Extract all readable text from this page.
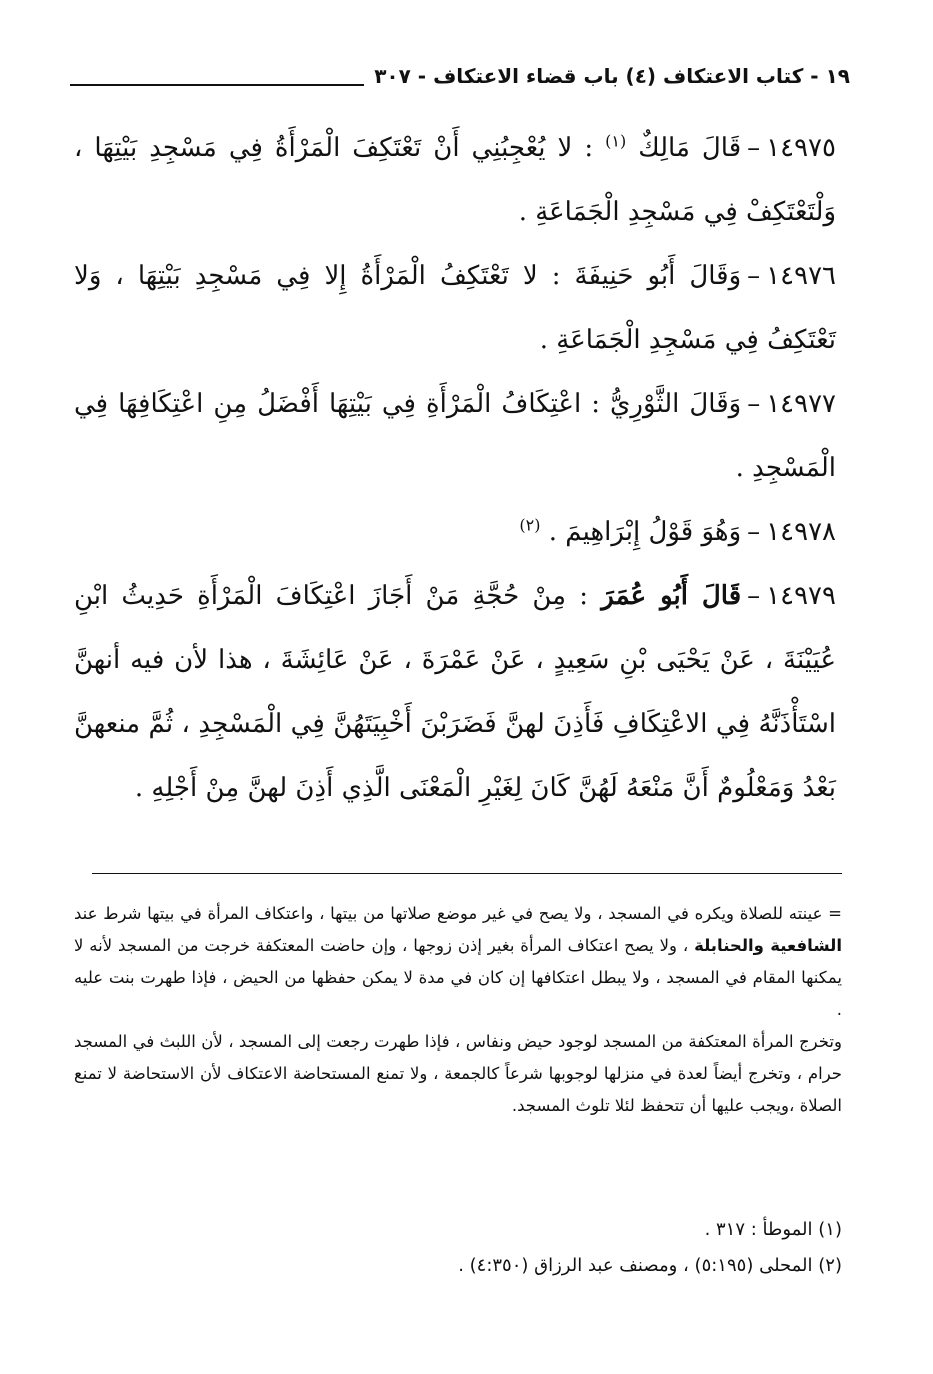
١٩ - كتاب الاعتكاف (٤) باب قضاء الاعتكاف - ٣٠٧

١٤٩٧٥–قَالَ مَالِكٌ $^{(١)}$ : لا يُعْجِبُنِي أَنْ تَعْتَكِفَ الْمَرْأَةُ فِي مَسْجِدِ بَيْتِهَا ، وَلْتَعْتَكِفْ فِي مَسْجِدِ الْجَمَاعَةِ .

١٤٩٧٦–وَقَالَ أَبُو حَنِيفَةَ : لا تَعْتَكِفُ الْمَرْأَةُ إِلا فِي مَسْجِدِ بَيْتِهَا ، وَلا تَعْتَكِفُ فِي مَسْجِدِ الْجَمَاعَةِ .

١٤٩٧٧–وَقَالَ الثَّوْرِيُّ : اعْتِكَافُ الْمَرْأَةِ فِي بَيْتِهَا أَفْضَلُ مِنِ اعْتِكَافِهَا فِي الْمَسْجِدِ .

١٤٩٧٨–وَهُوَ قَوْلُ إِبْرَاهِيمَ . $^{(٢)}$

١٤٩٧٩–قَالَ أَبُو عُمَرَ : مِنْ حُجَّةِ مَنْ أَجَازَ اعْتِكَافَ الْمَرْأَةِ حَدِيثُ ابْنِ عُيَيْنَةَ ، عَنْ يَحْيَى بْنِ سَعِيدٍ ، عَنْ عَمْرَةَ ، عَنْ عَائِشَةَ ، هذا لأن فيه أنهنَّ اسْتَأْذَنَّهُ فِي الاعْتِكَافِ فَأَذِنَ لهنَّ فَضَرَبْنَ أَخْبِيَتَهُنَّ فِي الْمَسْجِدِ ، ثُمَّ منعهنَّ بَعْدُ وَمَعْلُومٌ أَنَّ مَنْعَهُ لَهُنَّ كَانَ لِغَيْرِ الْمَعْنَى الَّذِي أَذِنَ لهنَّ مِنْ أَجْلِهِ .

= عينته للصلاة ويكره في المسجد ، ولا يصح في غير موضع صلاتها من بيتها ، واعتكاف المرأة في بيتها شرط عند الشافعية والحنابلة ، ولا يصح اعتكاف المرأة بغير إذن زوجها ، وإن حاضت المعتكفة خرجت من المسجد لأنه لا يمكنها المقام في المسجد ، ولا يبطل اعتكافها إن كان في مدة لا يمكن حفظها من الحيض ، فإذا طهرت بنت عليه .

وتخرج المرأة المعتكفة من المسجد لوجود حيض ونفاس ، فإذا طهرت رجعت إلى المسجد ، لأن اللبث في المسجد حرام ، وتخرج أيضاً لعدة في منزلها لوجوبها شرعاً كالجمعة ، ولا تمنع المستحاضة الاعتكاف لأن الاستحاضة لا تمنع الصلاة ،ويجب عليها أن تتحفظ لئلا تلوث المسجد.

(١) الموطأ : ٣١٧ .

(٢) المحلى (٥:١٩٥) ، ومصنف عبد الرزاق (٤:٣٥٠) .
